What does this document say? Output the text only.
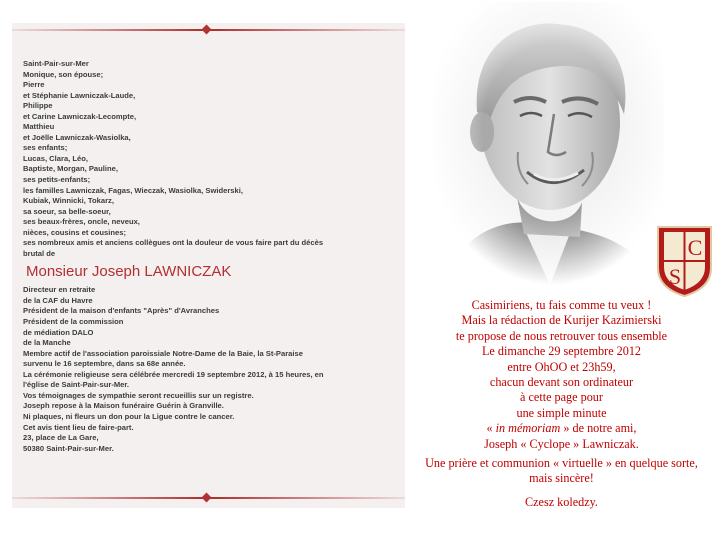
Saint-Pair-sur-Mer
Monique, son épouse;
Pierre
et Stéphanie Lawniczak-Laude,
Philippe
et Carine Lawniczak-Lecompte,
Matthieu
et Joëlle Lawniczak-Wasiolka,
ses enfants;
Lucas, Clara, Léo,
Baptiste, Morgan, Pauline,
ses petits-enfants;
les familles Lawniczak, Fagas, Wieczak, Wasiolka, Swiderski,
Kubiak, Winnicki, Tokarz,
sa soeur, sa belle-soeur,
ses beaux-frères, oncle, neveux,
nièces, cousins et cousines;
ses nombreux amis et anciens collègues ont la douleur de vous faire part du décès
brutal de
Monsieur Joseph LAWNICZAK
Directeur en retraite
de la CAF du Havre
Président de la maison d'enfants "Après" d'Avranches
Président de la commission
de médiation DALO
de la Manche
Membre actif de l'association paroissiale Notre-Dame de la Baie, la St-Paraise
survenu le 16 septembre, dans sa 68e année.
La cérémonie religieuse sera célébrée mercredi 19 septembre 2012, à 15 heures, en
l'église de Saint-Pair-sur-Mer.
Vos témoignages de sympathie seront recueillis sur un registre.
Joseph repose à la Maison funéraire Guérin à Granville.
Ni plaques, ni fleurs un don pour la Ligue contre le cancer.
Cet avis tient lieu de faire-part.
23, place de La Gare,
50380 Saint-Pair-sur-Mer.
C
S
Casimiriens, tu fais comme tu veux !
Mais la rédaction de Kurijer Kazimierski
te propose de nous retrouver tous ensemble
Le dimanche 29 septembre 2012
entre OhOO et 23h59,
chacun devant son ordinateur
à cette page pour
une simple minute
« in mémoriam » de notre ami,
Joseph « Cyclope » Lawniczak.
Une prière et communion « virtuelle » en quelque sorte,
mais sincère!
Czesz koledzy.
